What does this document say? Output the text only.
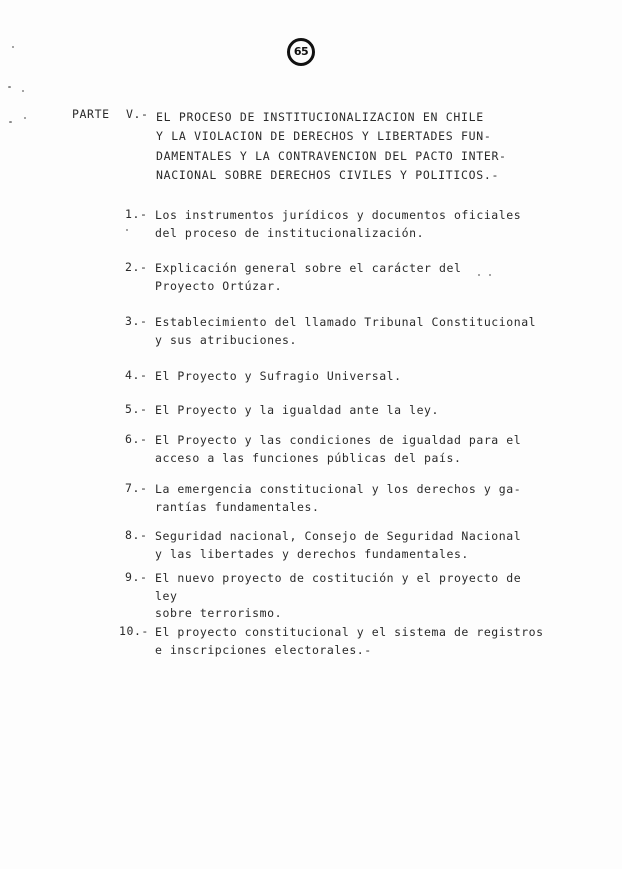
65
PARTE V.- EL PROCESO DE INSTITUCIONALIZACION EN CHILE
Y LA VIOLACION DE DERECHOS Y LIBERTADES FUN-
DAMENTALES Y LA CONTRAVENCION DEL PACTO INTER-
NACIONAL SOBRE DERECHOS CIVILES Y POLITICOS.-
1.- Los instrumentos jurídicos y documentos oficiales
del proceso de institucionalización.
2.- Explicación general sobre el carácter del
Proyecto Ortúzar.
3.- Establecimiento del llamado Tribunal Constitucional
y sus atribuciones.
4.- El Proyecto y Sufragio Universal.
5.- El Proyecto y la igualdad ante la ley.
6.- El Proyecto y las condiciones de igualdad para el
acceso a las funciones públicas del país.
7.- La emergencia constitucional y los derechos y ga-
rantías fundamentales.
8.- Seguridad nacional, Consejo de Seguridad Nacional
y las libertades y derechos fundamentales.
9.- El nuevo proyecto de costitución y el proyecto de ley
sobre terrorismo.
10.- El proyecto constitucional y el sistema de registros
e inscripciones electorales.-
